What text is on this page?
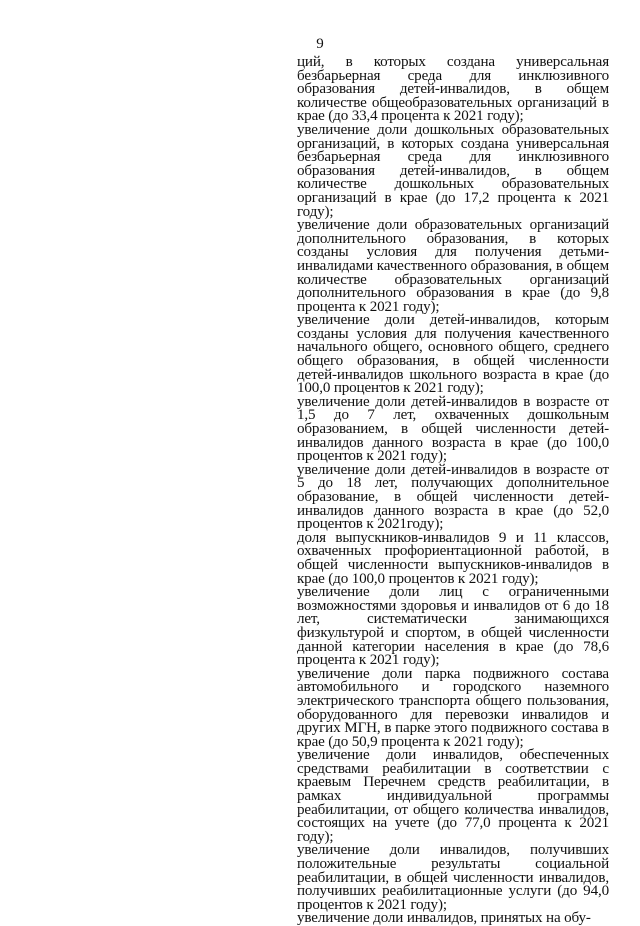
9

ций, в которых создана универсальная безбарьерная среда для инклюзивного образования детей-инвалидов, в общем количестве общеобразовательных организаций в крае (до 33,4 процента к 2021 году);

увеличение доли дошкольных образовательных организаций, в которых создана универсальная безбарьерная среда для инклюзивного образования детей-инвалидов, в общем количестве дошкольных образовательных организаций в крае (до 17,2 процента к 2021 году);

увеличение доли образовательных организаций дополнительного образования, в которых созданы условия для получения детьми-инвалидами качественного образования, в общем количестве образовательных организаций дополнительного образования в крае (до 9,8 процента к 2021 году);

увеличение доли детей-инвалидов, которым созданы условия для получения качественного начального общего, основного общего, среднего общего образования, в общей численности детей-инвалидов школьного возраста в крае (до 100,0 процентов к 2021 году);

увеличение доли детей-инвалидов в возрасте от 1,5 до 7 лет, охваченных дошкольным образованием, в общей численности детей-инвалидов данного возраста в крае (до 100,0 процентов к 2021 году);

увеличение доли детей-инвалидов в возрасте от 5 до 18 лет, получающих дополнительное образование, в общей численности детей-инвалидов данного возраста в крае (до 52,0 процентов к 2021году);

доля выпускников-инвалидов 9 и 11 классов, охваченных профориентационной работой, в общей численности выпускников-инвалидов в крае (до 100,0 процентов к 2021 году);

увеличение доли лиц с ограниченными возможностями здоровья и инвалидов от 6 до 18 лет, систематически занимающихся физкультурой и спортом, в общей численности данной категории населения в крае (до 78,6 процента к 2021 году);

увеличение доли парка подвижного состава автомобильного и городского наземного электрического транспорта общего пользования, оборудованного для перевозки инвалидов и других МГН, в парке этого подвижного состава в крае (до 50,9 процента к 2021 году);

увеличение доли инвалидов, обеспеченных средствами реабилитации в соответствии с краевым Перечнем средств реабилитации, в рамках индивидуальной программы реабилитации, от общего количества инвалидов, состоящих на учете (до 77,0 процента к 2021 году);

увеличение доли инвалидов, получивших положительные результаты социальной реабилитации, в общей численности инвалидов, получивших реабилитационные услуги (до 94,0 процентов к 2021 году);

увеличение доли инвалидов, принятых на обу-
